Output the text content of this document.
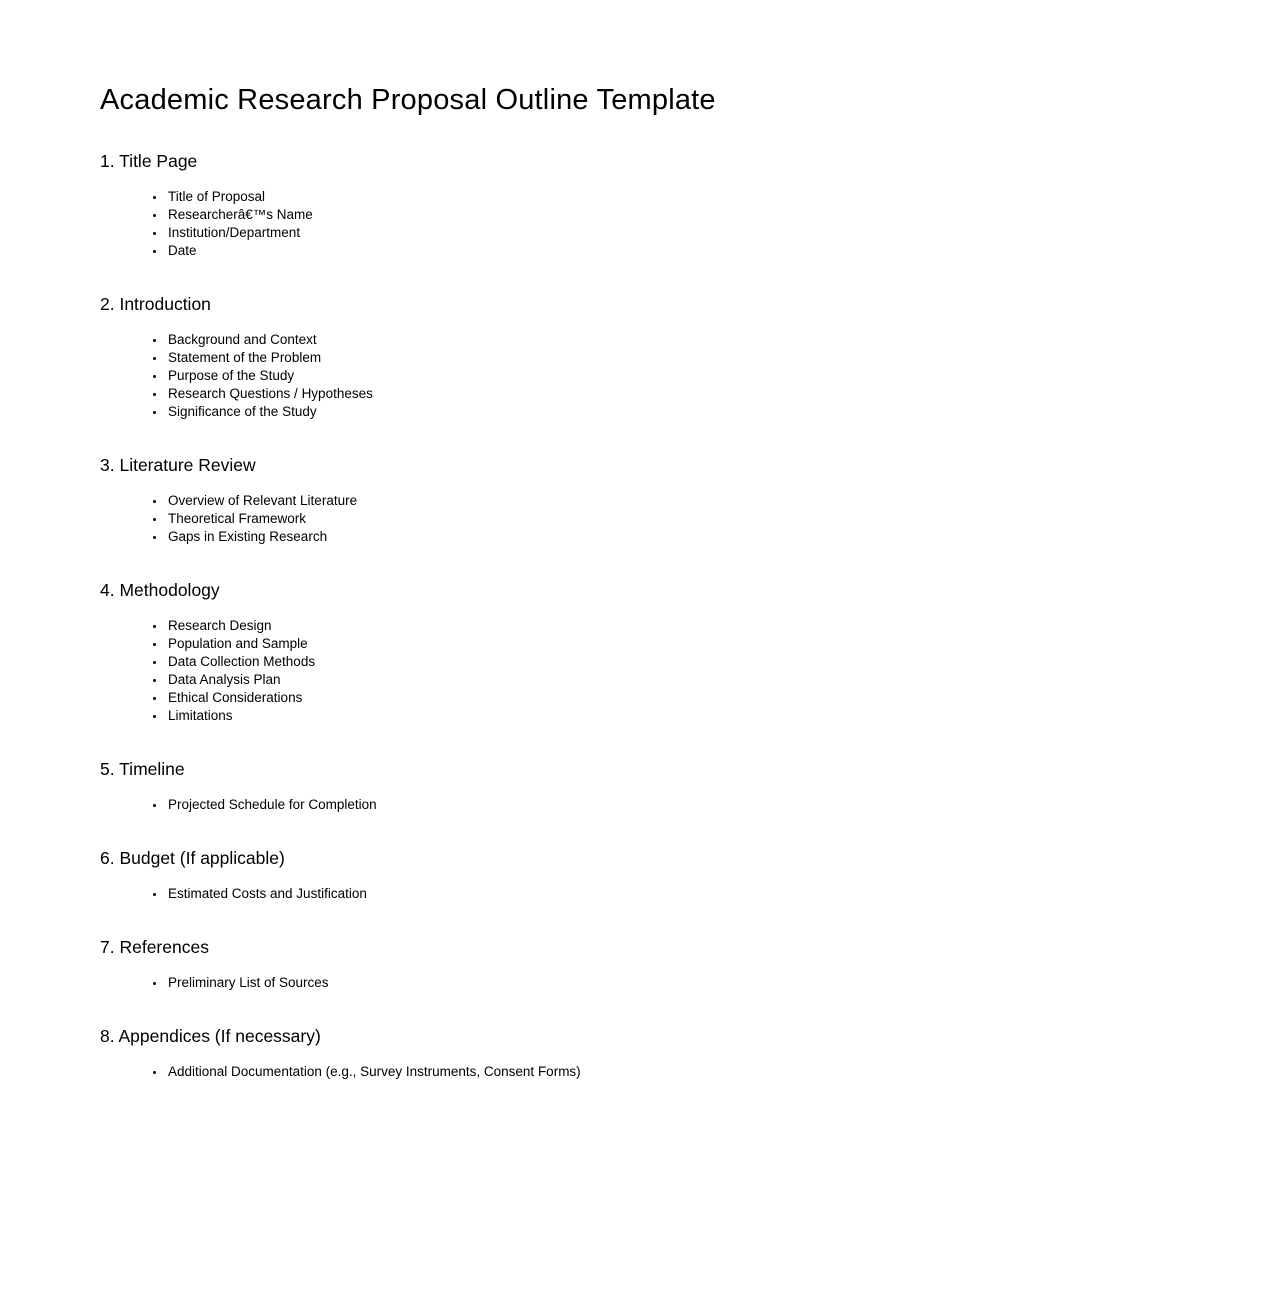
Academic Research Proposal Outline Template
1. Title Page
• Title of Proposal
• Researcherâ€™s Name
• Institution/Department
• Date
2. Introduction
• Background and Context
• Statement of the Problem
• Purpose of the Study
• Research Questions / Hypotheses
• Significance of the Study
3. Literature Review
• Overview of Relevant Literature
• Theoretical Framework
• Gaps in Existing Research
4. Methodology
• Research Design
• Population and Sample
• Data Collection Methods
• Data Analysis Plan
• Ethical Considerations
• Limitations
5. Timeline
• Projected Schedule for Completion
6. Budget (If applicable)
• Estimated Costs and Justification
7. References
• Preliminary List of Sources
8. Appendices (If necessary)
• Additional Documentation (e.g., Survey Instruments, Consent Forms)
